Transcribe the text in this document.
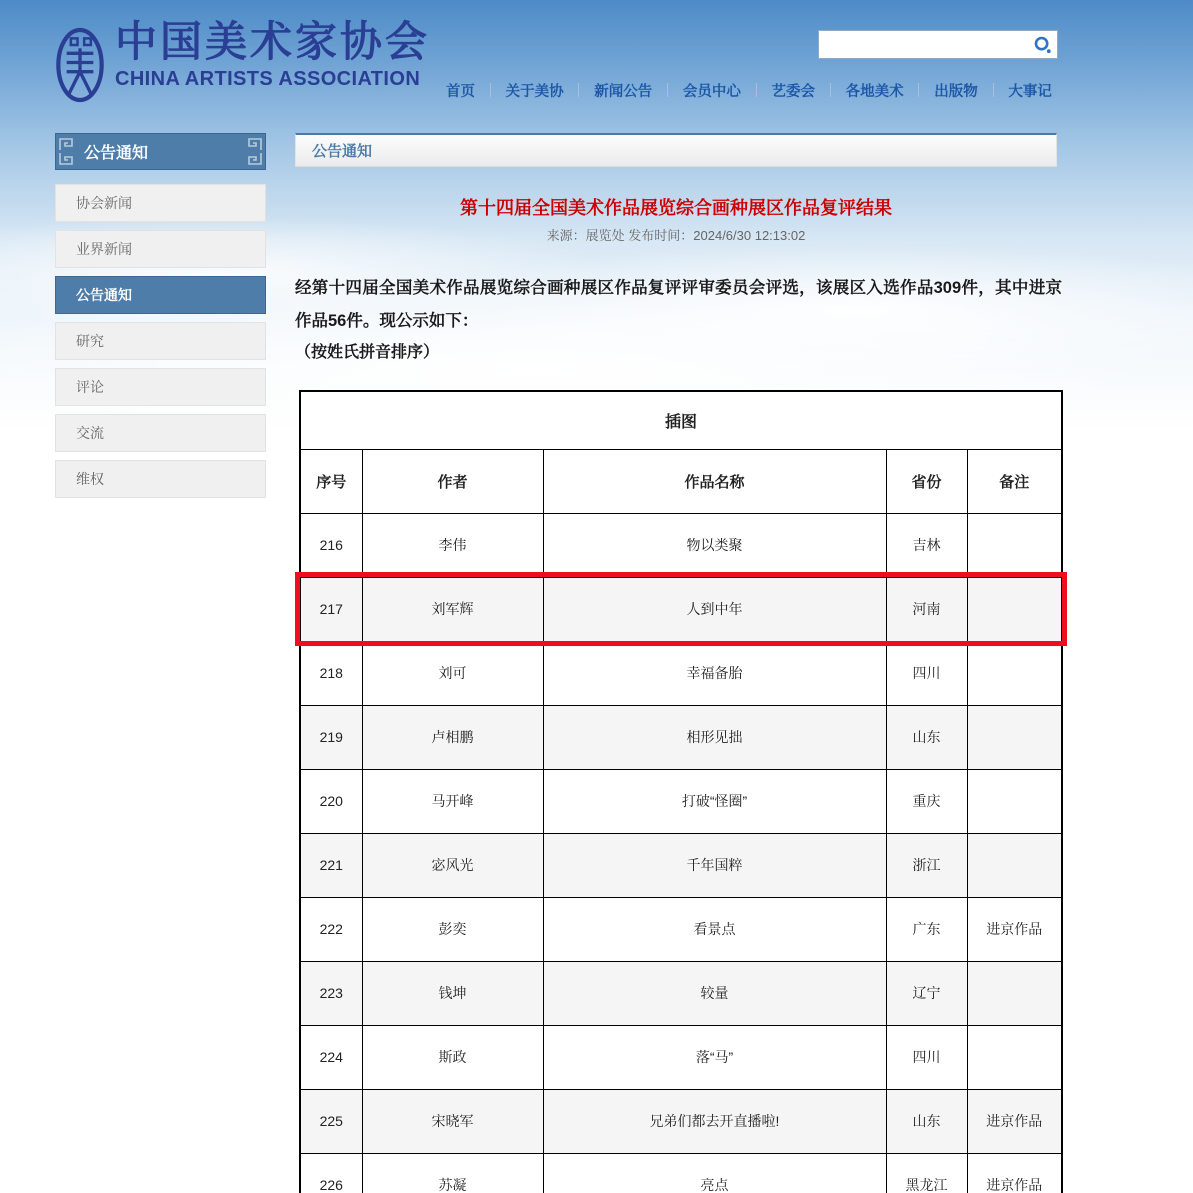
中国美术家协会
CHINA ARTISTS ASSOCIATION
首页	关于美协	新闻公告	会员中心	艺委会	各地美术	出版物	大事记
公告通知
协会新闻
业界新闻
公告通知
研究
评论
交流
维权
公告通知
第十四届全国美术作品展览综合画种展区作品复评结果
来源：展览处 发布时间：2024/6/30 12:13:02

经第十四届全国美术作品展览综合画种展区作品复评评审委员会评选，该展区入选作品309件，其中进京作品56件。现公示如下：

（按姓氏拼音排序）
插图				
序号	作者	作品名称	省份	备注
216	李伟	物以类聚	吉林	
217	刘军辉	人到中年	河南	
218	刘可	幸福备胎	四川	
219	卢相鹏	相形见拙	山东	
220	马开峰	打破“怪圈”	重庆	
221	宓风光	千年国粹	浙江	
222	彭奕	看景点	广东	进京作品
223	钱坤	较量	辽宁	
224	斯政	落“马”	四川	
225	宋晓军	兄弟们都去开直播啦!	山东	进京作品
226	苏凝	亮点	黑龙江	进京作品
